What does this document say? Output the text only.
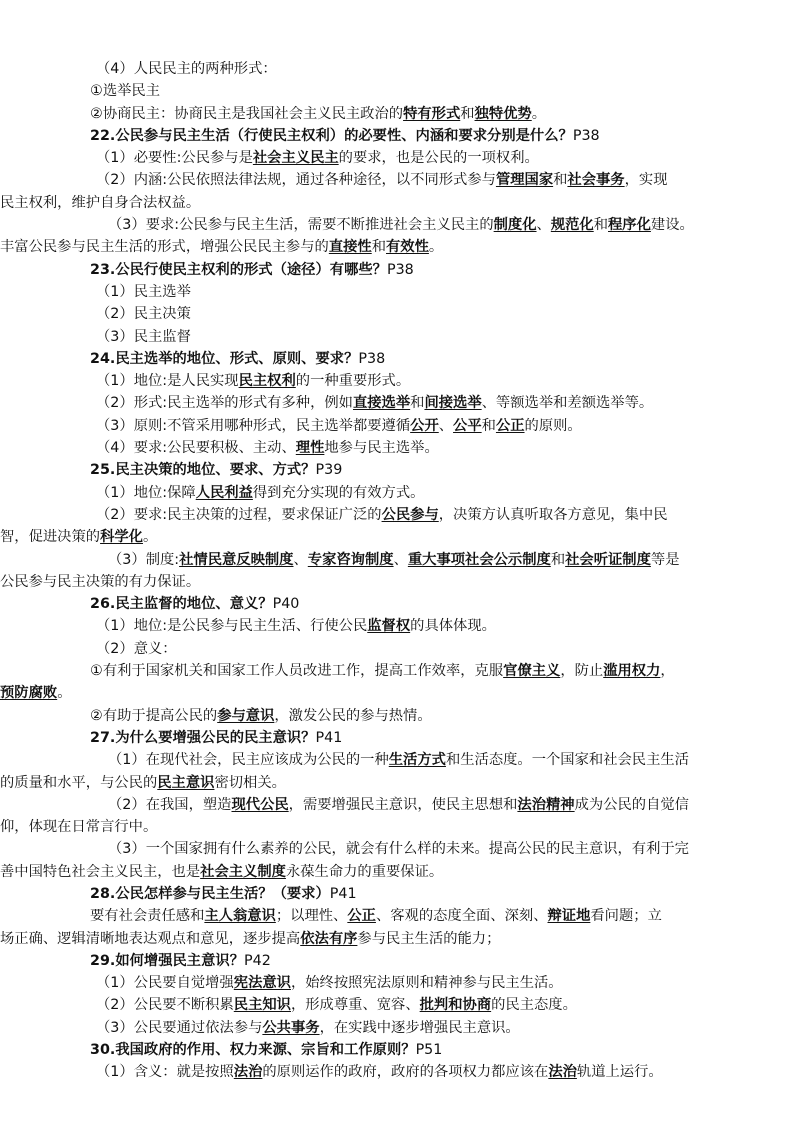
（4）人民民主的两种形式：

①选举民主

②协商民主：协商民主是我国社会主义民主政治的特有形式和独特优势。

22.公民参与民主生活（行使民主权利）的必要性、内涵和要求分别是什么？P38

（1）必要性:公民参与是社会主义民主的要求，也是公民的一项权利。

（2）内涵:公民依照法律法规，通过各种途径，以不同形式参与管理国家和社会事务，实现

民主权利，维护自身合法权益。

（3）要求:公民参与民主生活，需要不断推进社会主义民主的制度化、规范化和程序化建设。

丰富公民参与民主生活的形式，增强公民民主参与的直接性和有效性。

23.公民行使民主权利的形式（途径）有哪些？P38

（1）民主选举

（2）民主决策

（3）民主监督

24.民主选举的地位、形式、原则、要求？P38

（1）地位:是人民实现民主权利的一种重要形式。

（2）形式:民主选举的形式有多种，例如直接选举和间接选举、等额选举和差额选举等。

（3）原则:不管采用哪种形式，民主选举都要遵循公开、公平和公正的原则。

（4）要求:公民要积极、主动、理性地参与民主选举。

25.民主决策的地位、要求、方式？P39

（1）地位:保障人民利益得到充分实现的有效方式。

（2）要求:民主决策的过程，要求保证广泛的公民参与，决策方认真听取各方意见，集中民

智，促进决策的科学化。

（3）制度:社情民意反映制度、专家咨询制度、重大事项社会公示制度和社会听证制度等是

公民参与民主决策的有力保证。

26.民主监督的地位、意义？P40

（1）地位:是公民参与民主生活、行使公民监督权的具体体现。

（2）意义：

①有利于国家机关和国家工作人员改进工作，提高工作效率，克服官僚主义，防止滥用权力，

预防腐败。

②有助于提高公民的参与意识，激发公民的参与热情。

27.为什么要增强公民的民主意识？P41

（1）在现代社会，民主应该成为公民的一种生活方式和生活态度。一个国家和社会民主生活

的质量和水平，与公民的民主意识密切相关。

（2）在我国，塑造现代公民，需要增强民主意识，使民主思想和法治精神成为公民的自觉信

仰，体现在日常言行中。

（3）一个国家拥有什么素养的公民，就会有什么样的未来。提高公民的民主意识，有利于完

善中国特色社会主义民主，也是社会主义制度永葆生命力的重要保证。

28.公民怎样参与民主生活？（要求）P41

要有社会责任感和主人翁意识；以理性、公正、客观的态度全面、深刻、辩证地看问题；立

场正确、逻辑清晰地表达观点和意见，逐步提高依法有序参与民主生活的能力；

29.如何增强民主意识？P42

（1）公民要自觉增强宪法意识，始终按照宪法原则和精神参与民主生活。

（2）公民要不断积累民主知识，形成尊重、宽容、批判和协商的民主态度。

（3）公民要通过依法参与公共事务，在实践中逐步增强民主意识。

30.我国政府的作用、权力来源、宗旨和工作原则？P51

（1）含义：就是按照法治的原则运作的政府，政府的各项权力都应该在法治轨道上运行。
